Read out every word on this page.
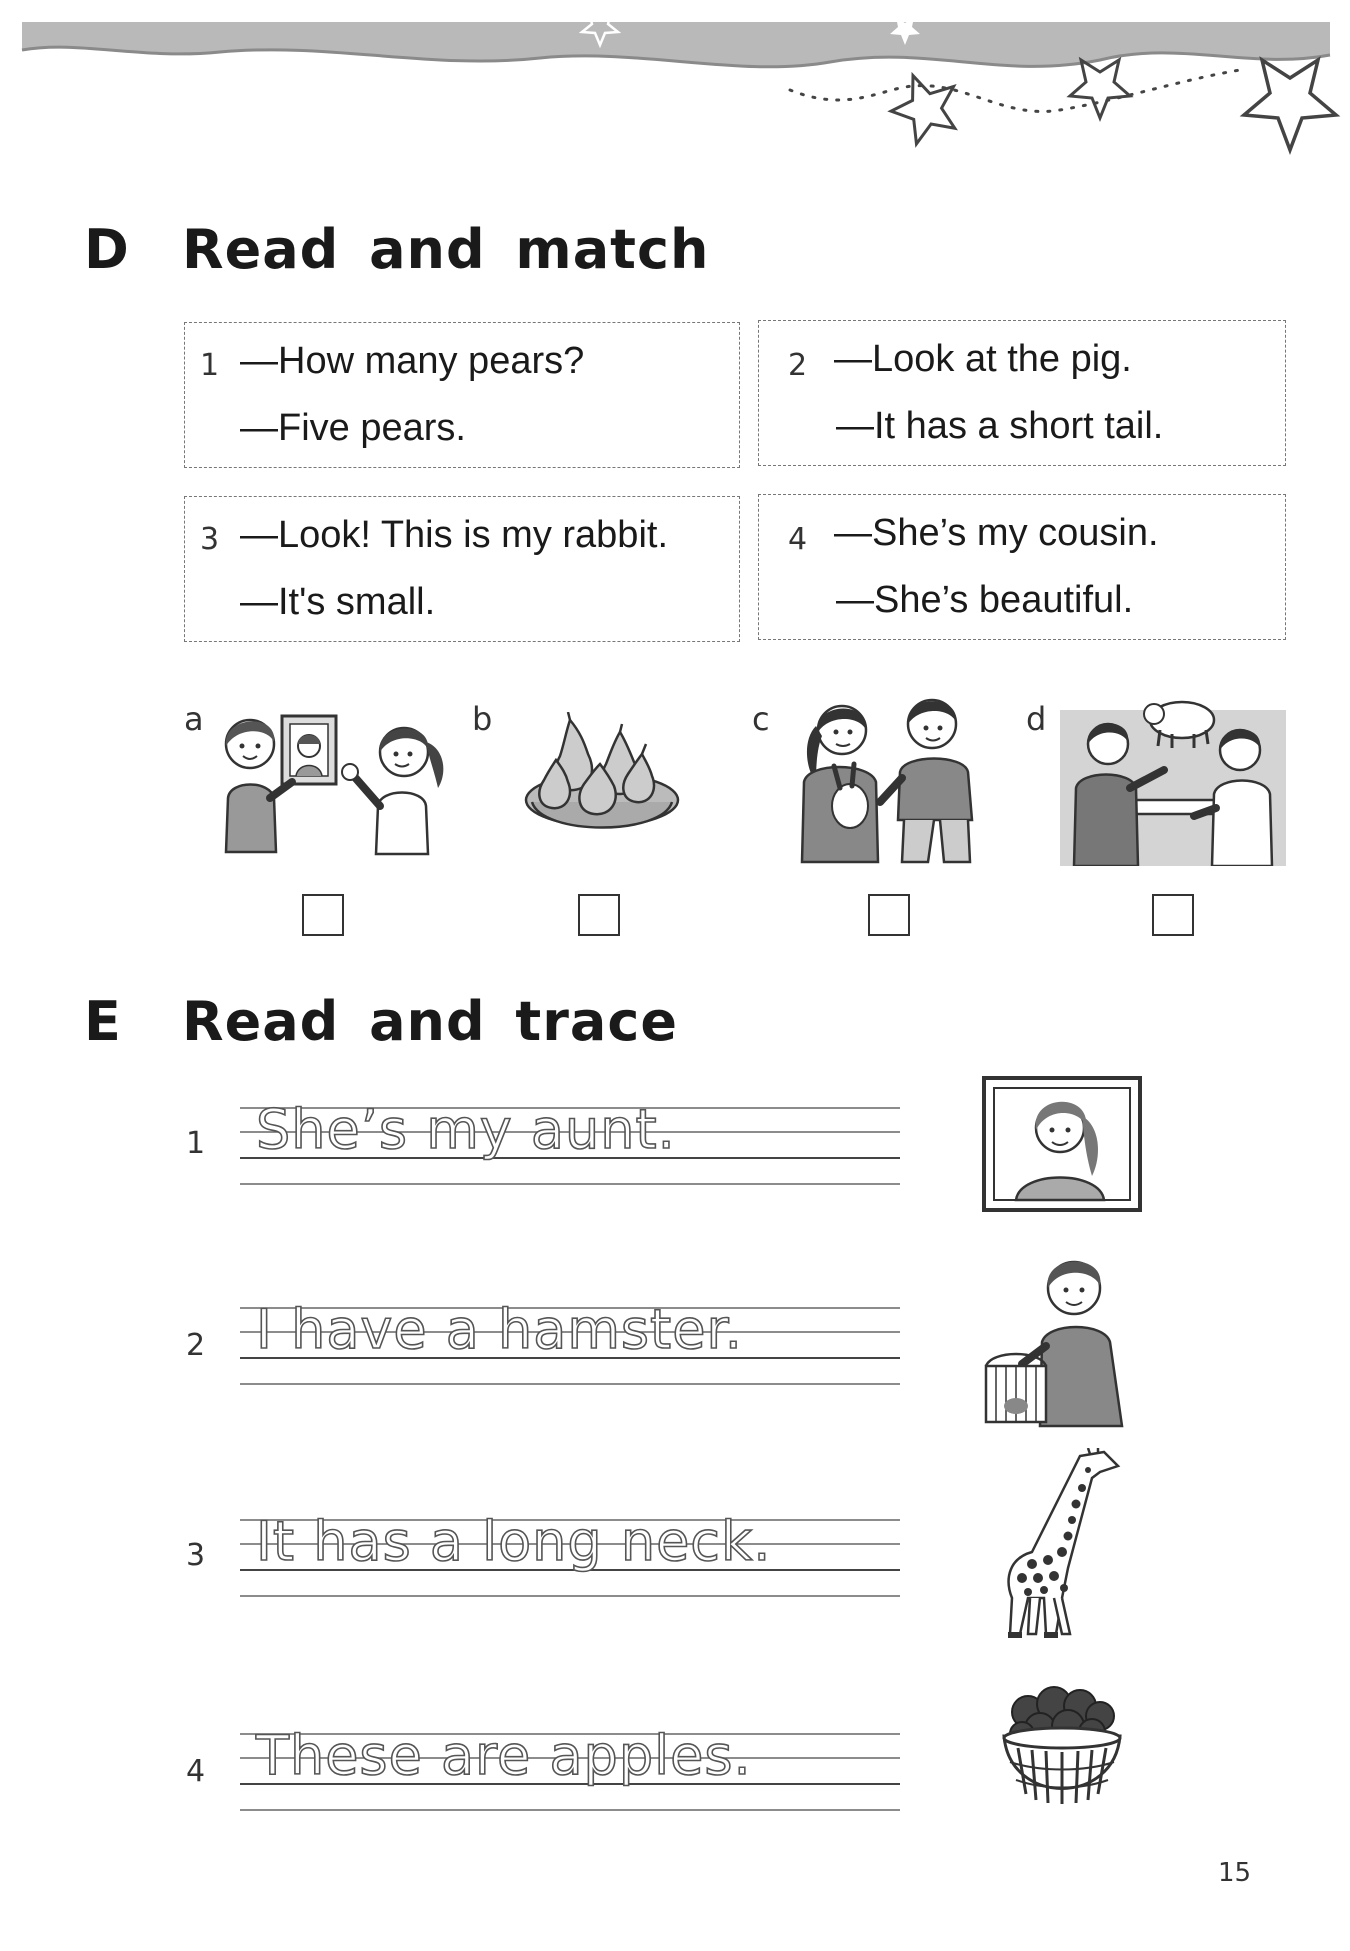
D Read and match
1 —How many pears?
—Five pears.
2 —Look at the pig.
—It has a short tail.
3 —Look! This is my rabbit.
—It's small.
4 —She’s my cousin.
—She’s beautiful.
a	b	c	d
E Read and trace
1 She’s my aunt.
2 I have a hamster.
3 It has a long neck.
4 These are apples.
15
